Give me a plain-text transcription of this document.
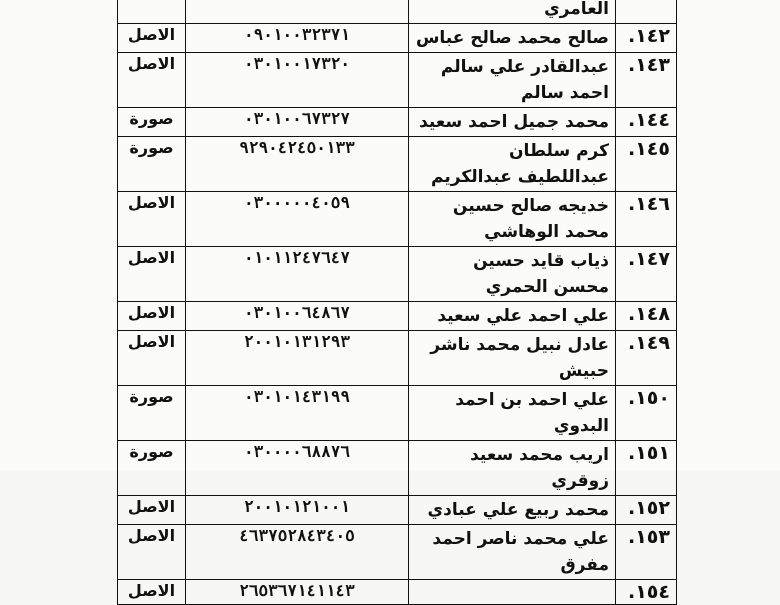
	العامري		
١٤٢.	صالح محمد صالح عباس	٠٩٠١٠٠٣٢٣٧١	الاصل
١٤٣.	عبدالقادر علي سالم احمد سالم	٠٣٠١٠٠١٧٣٢٠	الاصل
١٤٤.	محمد جميل احمد سعيد	٠٣٠١٠٠٦٧٣٢٧	صورة
١٤٥.	كرم سلطان عبداللطيف عبدالكريم	٩٢٩٠٤٢٤٥٠١٣٣	صورة
١٤٦.	خديجه صالح حسين محمد الوهاشي	٠٣٠٠٠٠٠٤٠٥٩	الاصل
١٤٧.	ذياب قايد حسين محسن الحمري	٠١٠١١٢٤٧٦٤٧	الاصل
١٤٨.	علي احمد علي سعيد	٠٣٠١٠٠٦٤٨٦٧	الاصل
١٤٩.	عادل نبيل محمد ناشر حبيش	٢٠٠١٠١٣١٢٩٣	الاصل
١٥٠.	علي احمد بن احمد البدوي	٠٣٠١٠١٤٣١٩٩	صورة
١٥١.	اريب محمد سعيد زوقري	٠٣٠٠٠٠٦٨٨٧٦	صورة
١٥٢.	محمد ربيع علي عبادي	٢٠٠١٠١٢١٠٠١	الاصل
١٥٣.	علي محمد ناصر احمد مفرق	٤٦٣٧٥٢٨٤٣٤٠٥	الاصل
١٥٤.		٢٦٥٣٦٧١٤١١٤٣	الاصل
